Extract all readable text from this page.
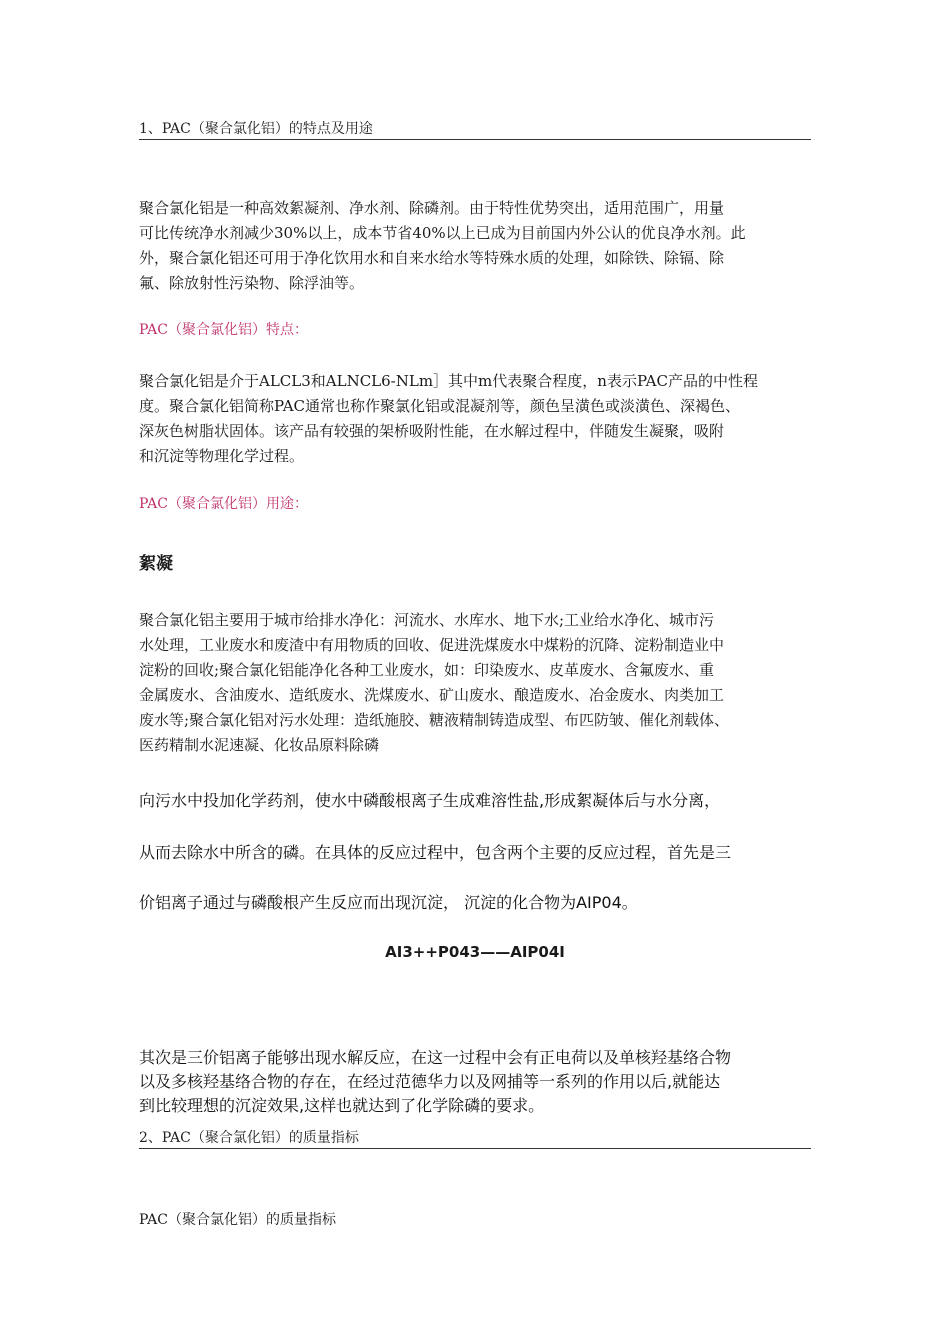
1、PAC（聚合氯化铝）的特点及用途
聚合氯化铝是一种高效絮凝剂、净水剂、除磷剂。由于特性优势突出，适用范围广，用量
可比传统净水剂减少30%以上，成本节省40%以上已成为目前国内外公认的优良净水剂。此
外，聚合氯化铝还可用于净化饮用水和自来水给水等特殊水质的处理，如除铁、除镉、除
氟、除放射性污染物、除浮油等。
PAC（聚合氯化铝）特点：
聚合氯化铝是介于ALCL3和ALNCL6-NLm］其中m代表聚合程度，n表示PAC产品的中性程
度。聚合氯化铝简称PAC通常也称作聚氯化铝或混凝剂等，颜色呈潢色或淡潢色、深褐色、
深灰色树脂状固体。该产品有较强的架桥吸附性能，在水解过程中，伴随发生凝聚，吸附
和沉淀等物理化学过程。
PAC（聚合氯化铝）用途：
絮凝
聚合氯化铝主要用于城市给排水净化：河流水、水库水、地下水;工业给水净化、城市污
水处理，工业废水和废渣中有用物质的回收、促进洗煤废水中煤粉的沉降、淀粉制造业中
淀粉的回收;聚合氯化铝能净化各种工业废水，如：印染废水、皮革废水、含氟废水、重
金属废水、含油废水、造纸废水、洗煤废水、矿山废水、酿造废水、冶金废水、肉类加工
废水等;聚合氯化铝对污水处理：造纸施胶、糖液精制铸造成型、布匹防皱、催化剂载体、
医药精制水泥速凝、化妆品原料除磷
向污水中投加化学药剂，使水中磷酸根离子生成难溶性盐,形成絮凝体后与水分离，
从而去除水中所含的磷。在具体的反应过程中，包含两个主要的反应过程，首先是三
价铝离子通过与磷酸根产生反应而出现沉淀， 沉淀的化合物为AIP04。
AI3++P043——AIP04I
其次是三价铝离子能够出现水解反应，在这一过程中会有正电荷以及单核羟基络合物
以及多核羟基络合物的存在，在经过范德华力以及网捕等一系列的作用以后,就能达
到比较理想的沉淀效果,这样也就达到了化学除磷的要求。
2、PAC（聚合氯化铝）的质量指标
PAC（聚合氯化铝）的质量指标
